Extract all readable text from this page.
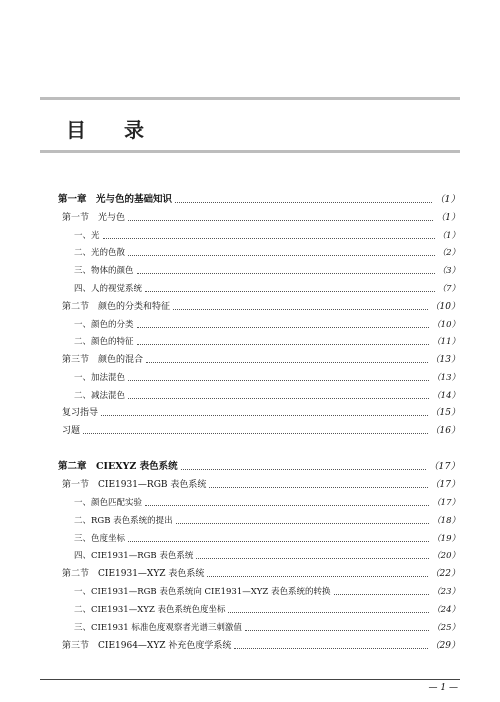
目 录
第一章　光与色的基础知识	（1）
第一节　光与色	（1）
一、光	（1）
二、光的色散	（2）
三、物体的颜色	（3）
四、人的视觉系统	（7）
第二节　颜色的分类和特征	（10）
一、颜色的分类	（10）
二、颜色的特征	（11）
第三节　颜色的混合	（13）
一、加法混色	（13）
二、减法混色	（14）
复习指导	（15）
习题	（16）
第二章　CIEXYZ 表色系统	（17）
第一节　CIE1931—RGB 表色系统	（17）
一、颜色匹配实验	（17）
二、RGB 表色系统的提出	（18）
三、色度坐标	（19）
四、CIE1931—RGB 表色系统	（20）
第二节　CIE1931—XYZ 表色系统	（22）
一、CIE1931—RGB 表色系统向 CIE1931—XYZ 表色系统的转换	（23）
二、CIE1931—XYZ 表色系统色度坐标	（24）
三、CIE1931 标准色度观察者光谱三刺激值	（25）
第三节　CIE1964—XYZ 补充色度学系统	（29）
— 1 —
